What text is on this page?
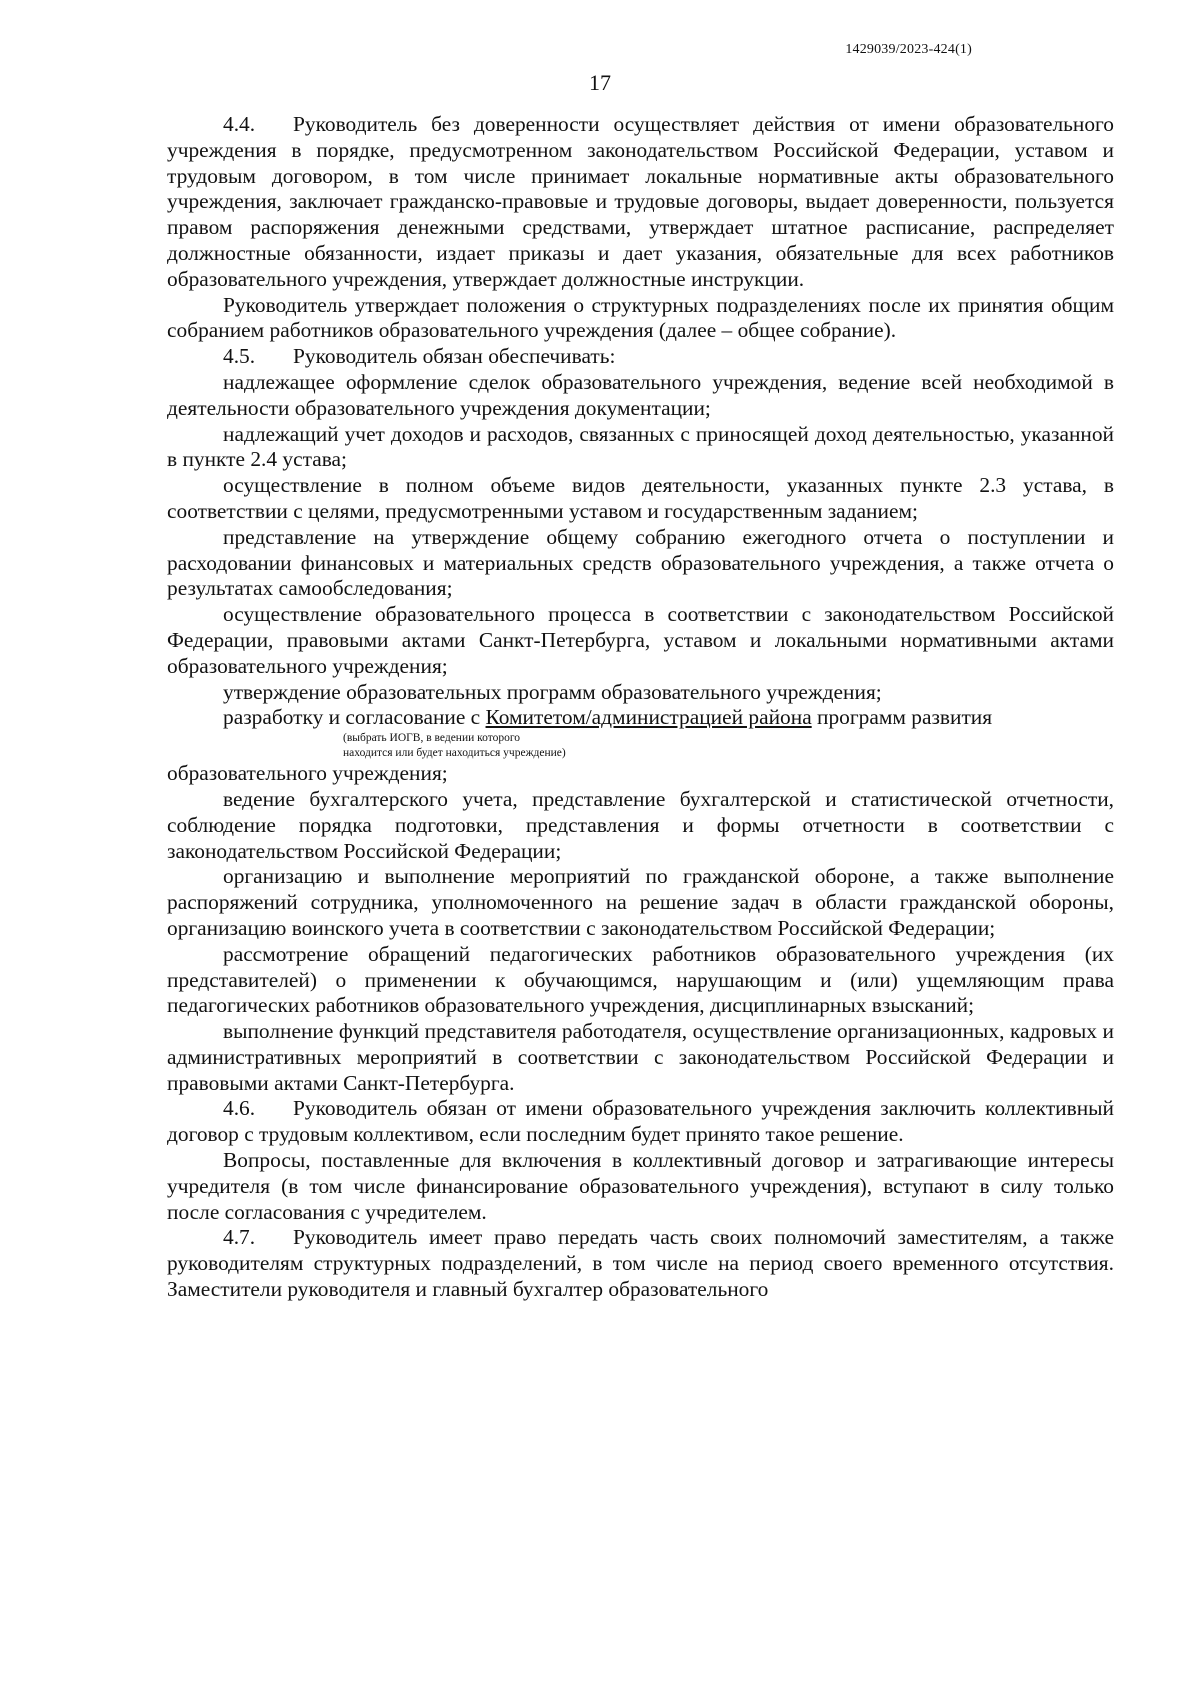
1429039/2023-424(1)
17

4.4. Руководитель без доверенности осуществляет действия от имени образовательного учреждения в порядке, предусмотренном законодательством Российской Федерации, уставом и трудовым договором, в том числе принимает локальные нормативные акты образовательного учреждения, заключает гражданско-правовые и трудовые договоры, выдает доверенности, пользуется правом распоряжения денежными средствами, утверждает штатное расписание, распределяет должностные обязанности, издает приказы и дает указания, обязательные для всех работников образовательного учреждения, утверждает должностные инструкции.

Руководитель утверждает положения о структурных подразделениях после их принятия общим собранием работников образовательного учреждения (далее – общее собрание).

4.5. Руководитель обязан обеспечивать:

надлежащее оформление сделок образовательного учреждения, ведение всей необходимой в деятельности образовательного учреждения документации;

надлежащий учет доходов и расходов, связанных с приносящей доход деятельностью, указанной в пункте 2.4 устава;

осуществление в полном объеме видов деятельности, указанных пункте 2.3 устава, в соответствии с целями, предусмотренными уставом и государственным заданием;

представление на утверждение общему собранию ежегодного отчета о поступлении и расходовании финансовых и материальных средств образовательного учреждения, а также отчета о результатах самообследования;

осуществление образовательного процесса в соответствии с законодательством Российской Федерации, правовыми актами Санкт-Петербурга, уставом и локальными нормативными актами образовательного учреждения;

утверждение образовательных программ образовательного учреждения;

разработку и согласование с Комитетом/администрацией района программ развития

(выбрать ИОГВ, в ведении которого
находится или будет находиться учреждение)

образовательного учреждения;

ведение бухгалтерского учета, представление бухгалтерской и статистической отчетности, соблюдение порядка подготовки, представления и формы отчетности в соответствии с законодательством Российской Федерации;

организацию и выполнение мероприятий по гражданской обороне, а также выполнение распоряжений сотрудника, уполномоченного на решение задач в области гражданской обороны, организацию воинского учета в соответствии с законодательством Российской Федерации;

рассмотрение обращений педагогических работников образовательного учреждения (их представителей) о применении к обучающимся, нарушающим и (или) ущемляющим права педагогических работников образовательного учреждения, дисциплинарных взысканий;

выполнение функций представителя работодателя, осуществление организационных, кадровых и административных мероприятий в соответствии с законодательством Российской Федерации и правовыми актами Санкт-Петербурга.

4.6. Руководитель обязан от имени образовательного учреждения заключить коллективный договор с трудовым коллективом, если последним будет принято такое решение.

Вопросы, поставленные для включения в коллективный договор и затрагивающие интересы учредителя (в том числе финансирование образовательного учреждения), вступают в силу только после согласования с учредителем.

4.7. Руководитель имеет право передать часть своих полномочий заместителям, а также руководителям структурных подразделений, в том числе на период своего временного отсутствия. Заместители руководителя и главный бухгалтер образовательного
